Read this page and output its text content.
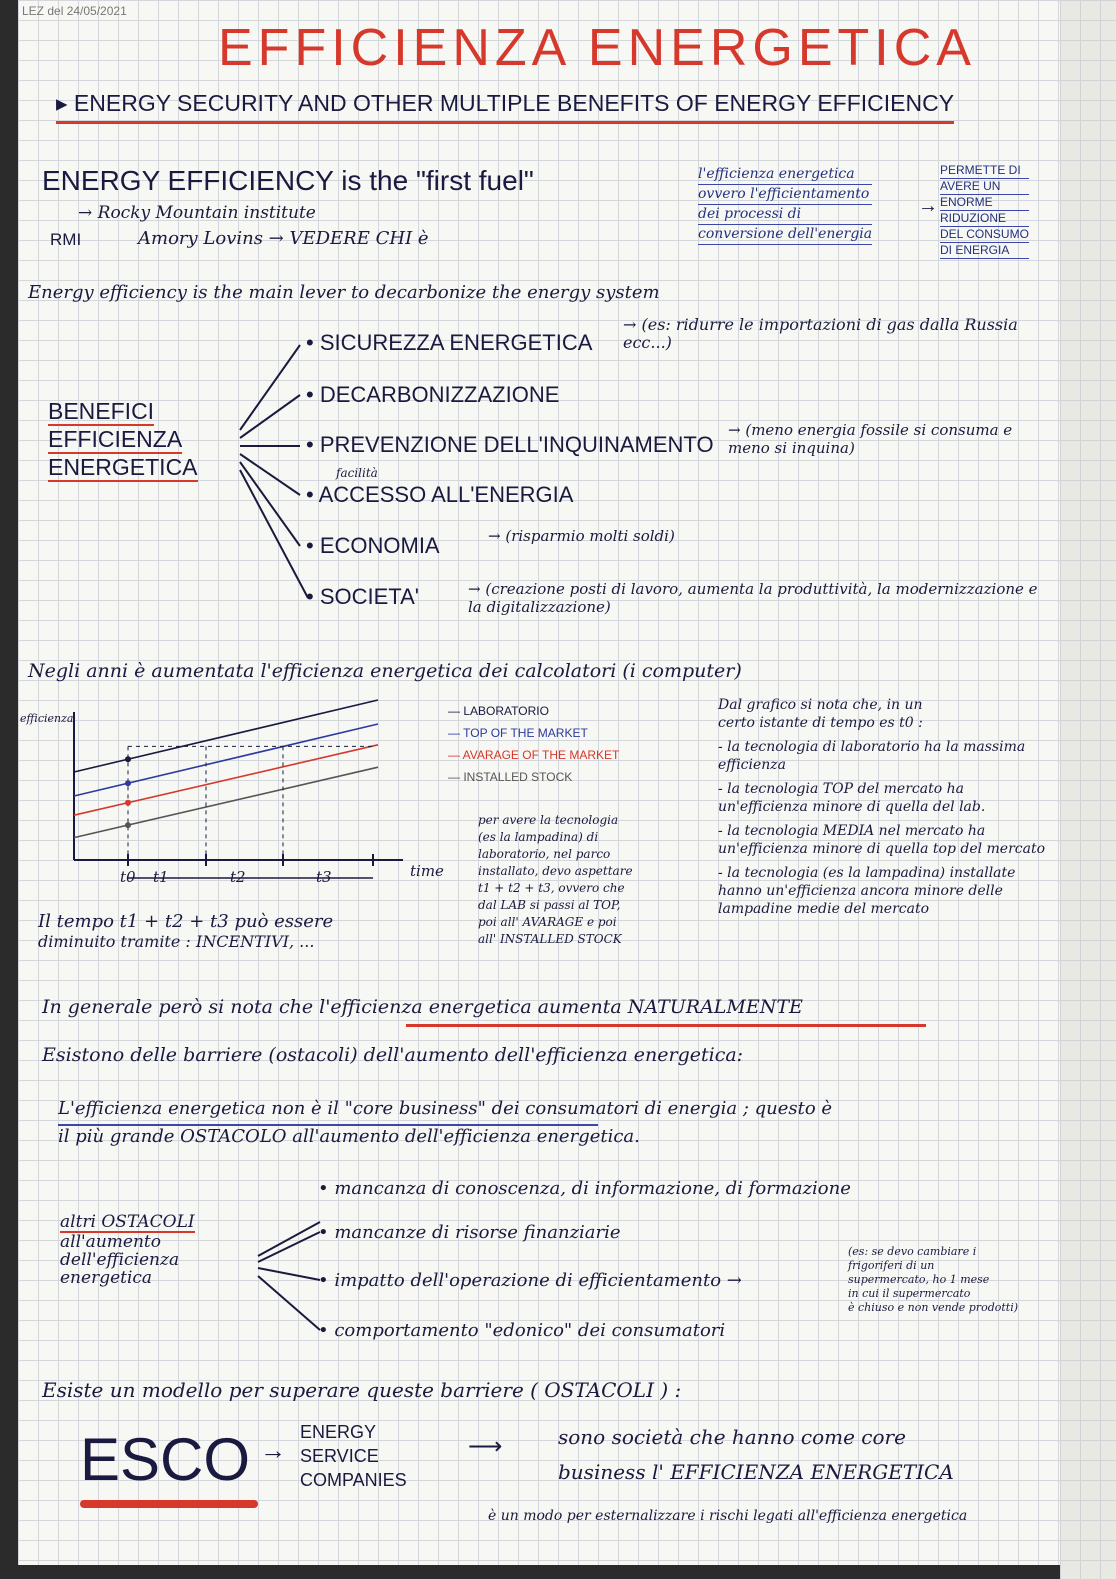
LEZ del 24/05/2021
EFFICIENZA ENERGETICA
▸ ENERGY SECURITY AND OTHER MULTIPLE BENEFITS OF ENERGY EFFICIENCY
ENERGY EFFICIENCY is the "first fuel"
→ Rocky Mountain institute
RMI	Amory Lovins → VEDERE CHI è
l'efficienza energetica
ovvero l'efficientamento
dei processi di
conversione dell'energia
→
PERMETTE DI
AVERE UN
ENORME
RIDUZIONE
DEL CONSUMO
DI ENERGIA
Energy efficiency is the main lever to decarbonize the energy system
BENEFICI
EFFICIENZA
ENERGETICA
• SICUREZZA ENERGETICA
→ (es: ridurre le importazioni di gas dalla Russia ecc...)
• DECARBONIZZAZIONE
• PREVENZIONE DELL'INQUINAMENTO
→ (meno energia fossile si consuma e meno si inquina)
facilità
• ACCESSO ALL'ENERGIA
• ECONOMIA	→ (risparmio molti soldi)
• SOCIETA'	→ (creazione posti di lavoro, aumenta la produttività, la modernizzazione e la digitalizzazione)
Negli anni è aumentata l'efficienza energetica dei calcolatori (i computer)
efficienza
time
t0 t1	t2	t3
— LABORATORIO
— TOP OF THE MARKET
— AVARAGE OF THE MARKET
— INSTALLED STOCK
per avere la tecnologia
(es la lampadina) di
laboratorio, nel parco
installato, devo aspettare
t1 + t2 + t3, ovvero che
dal LAB si passi al TOP,
poi all' AVARAGE e poi
all' INSTALLED STOCK
Dal grafico si nota che, in un
certo istante di tempo es t0 :
- la tecnologia di laboratorio ha la massima efficienza
- la tecnologia TOP del mercato ha un'efficienza minore di quella del lab.
- la tecnologia MEDIA nel mercato ha un'efficienza minore di quella top del mercato
- la tecnologia (es la lampadina) installate hanno un'efficienza ancora minore delle lampadine medie del mercato
Il tempo t1 + t2 + t3 può essere
diminuito tramite : INCENTIVI, ...
In generale però si nota che l'efficienza energetica aumenta NATURALMENTE
Esistono delle barriere (ostacoli) dell'aumento dell'efficienza energetica:
L'efficienza energetica non è il "core business" dei consumatori di energia ; questo è
il più grande OSTACOLO all'aumento dell'efficienza energetica.
altri OSTACOLI

all'aumento
dell'efficienza
energetica
• mancanza di conoscenza, di informazione, di formazione
• mancanze di risorse finanziarie
• impatto dell'operazione di efficientamento →
• comportamento "edonico" dei consumatori
(es: se devo cambiare i
frigoriferi di un
supermercato, ho 1 mese
in cui il supermercato
è chiuso e non vende prodotti)
Esiste un modello per superare queste barriere ( OSTACOLI ) :
ESCO →
ENERGY
SERVICE
COMPANIES
⟶	sono società che hanno come core
business l' EFFICIENZA ENERGETICA
è un modo per esternalizzare i rischi legati all'efficienza energetica
